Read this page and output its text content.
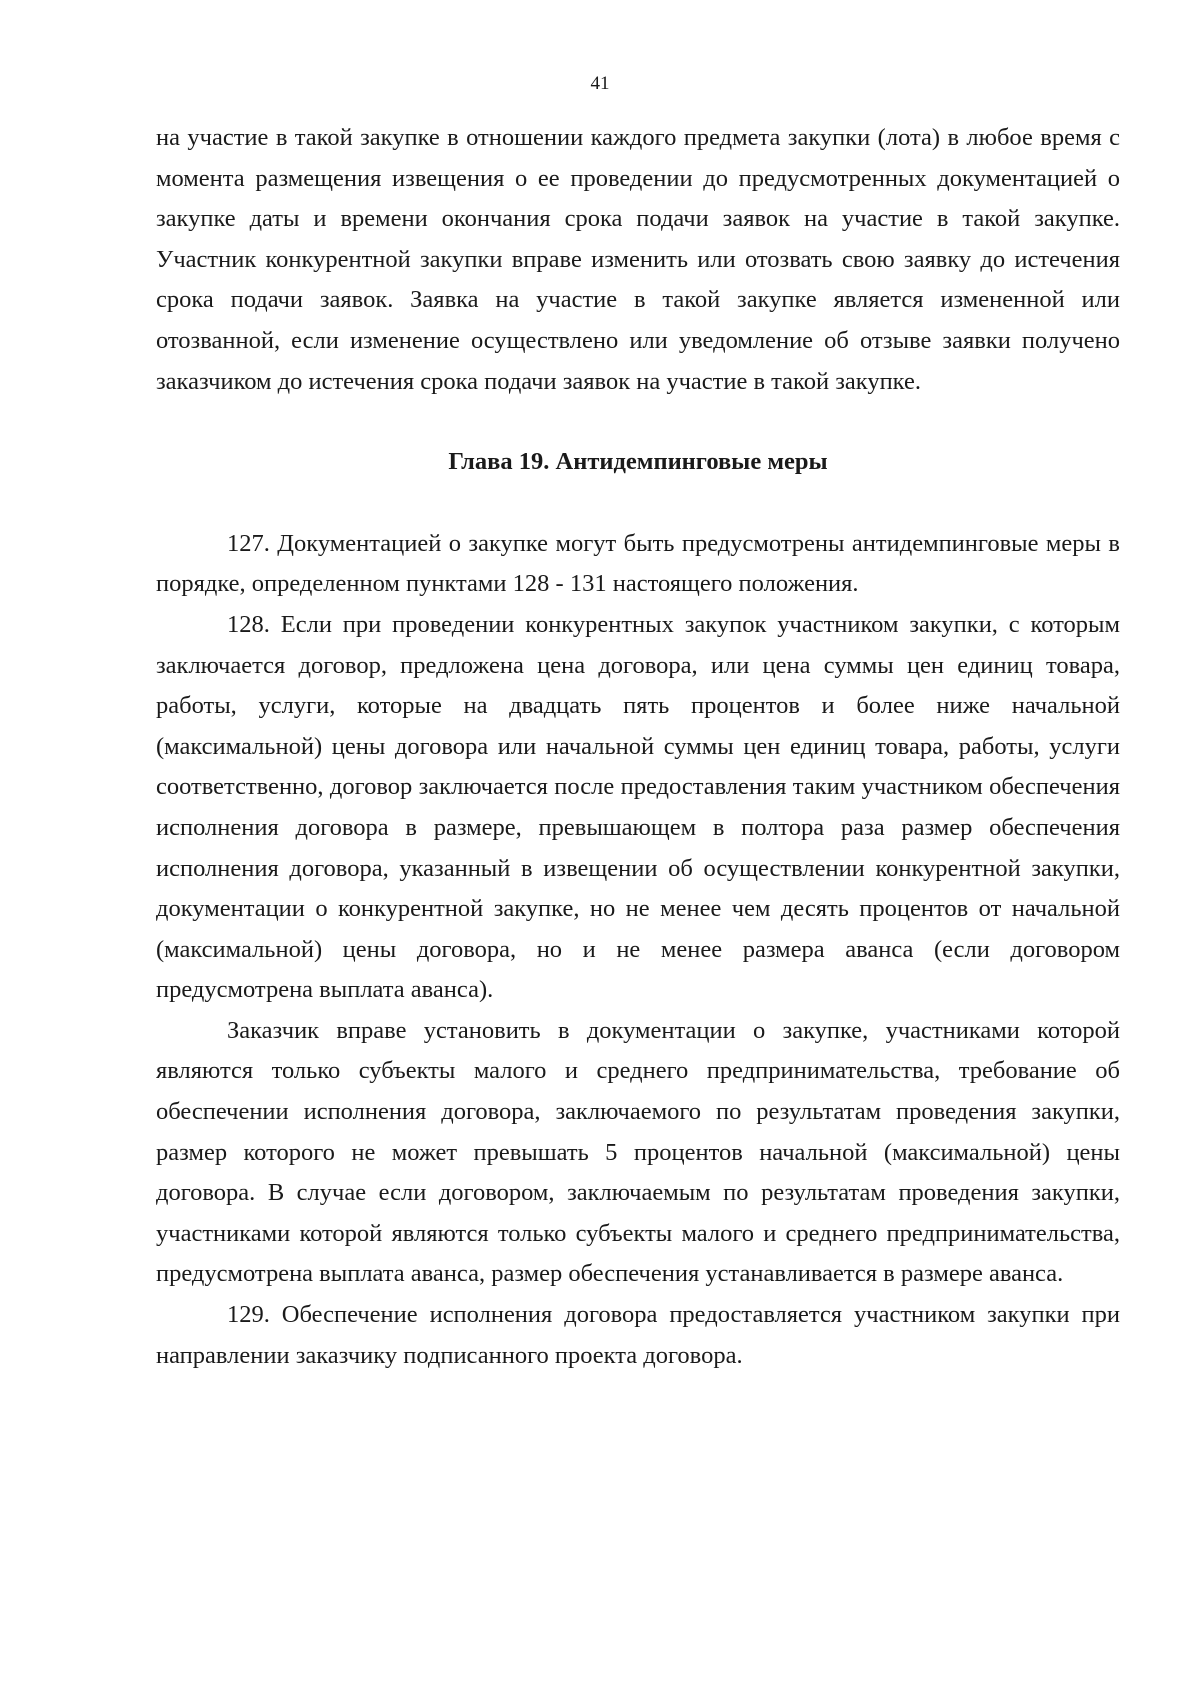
41

на участие в такой закупке в отношении каждого предмета закупки (лота) в любое время с момента размещения извещения о ее проведении до предусмотренных документацией о закупке даты и времени окончания срока подачи заявок на участие в такой закупке. Участник конкурентной закупки вправе изменить или отозвать свою заявку до истечения срока подачи заявок. Заявка на участие в такой закупке является измененной или отозванной, если изменение осуществлено или уведомление об отзыве заявки получено заказчиком до истечения срока подачи заявок на участие в такой закупке.

Глава 19. Антидемпинговые меры

127. Документацией о закупке могут быть предусмотрены антидемпинговые меры в порядке, определенном пунктами 128 - 131 настоящего положения.

128. Если при проведении конкурентных закупок участником закупки, с которым заключается договор, предложена цена договора, или цена суммы цен единиц товара, работы, услуги, которые на двадцать пять процентов и более ниже начальной (максимальной) цены договора или начальной суммы цен единиц товара, работы, услуги соответственно, договор заключается после предоставления таким участником обеспечения исполнения договора в размере, превышающем в полтора раза размер обеспечения исполнения договора, указанный в извещении об осуществлении конкурентной закупки, документации о конкурентной закупке, но не менее чем десять процентов от начальной (максимальной) цены договора, но и не менее размера аванса (если договором предусмотрена выплата аванса).

Заказчик вправе установить в документации о закупке, участниками которой являются только субъекты малого и среднего предпринимательства, требование об обеспечении исполнения договора, заключаемого по результатам проведения закупки, размер которого не может превышать 5 процентов начальной (максимальной) цены договора. В случае если договором, заключаемым по результатам проведения закупки, участниками которой являются только субъекты малого и среднего предпринимательства, предусмотрена выплата аванса, размер обеспечения устанавливается в размере аванса.

129. Обеспечение исполнения договора предоставляется участником закупки при направлении заказчику подписанного проекта договора.
